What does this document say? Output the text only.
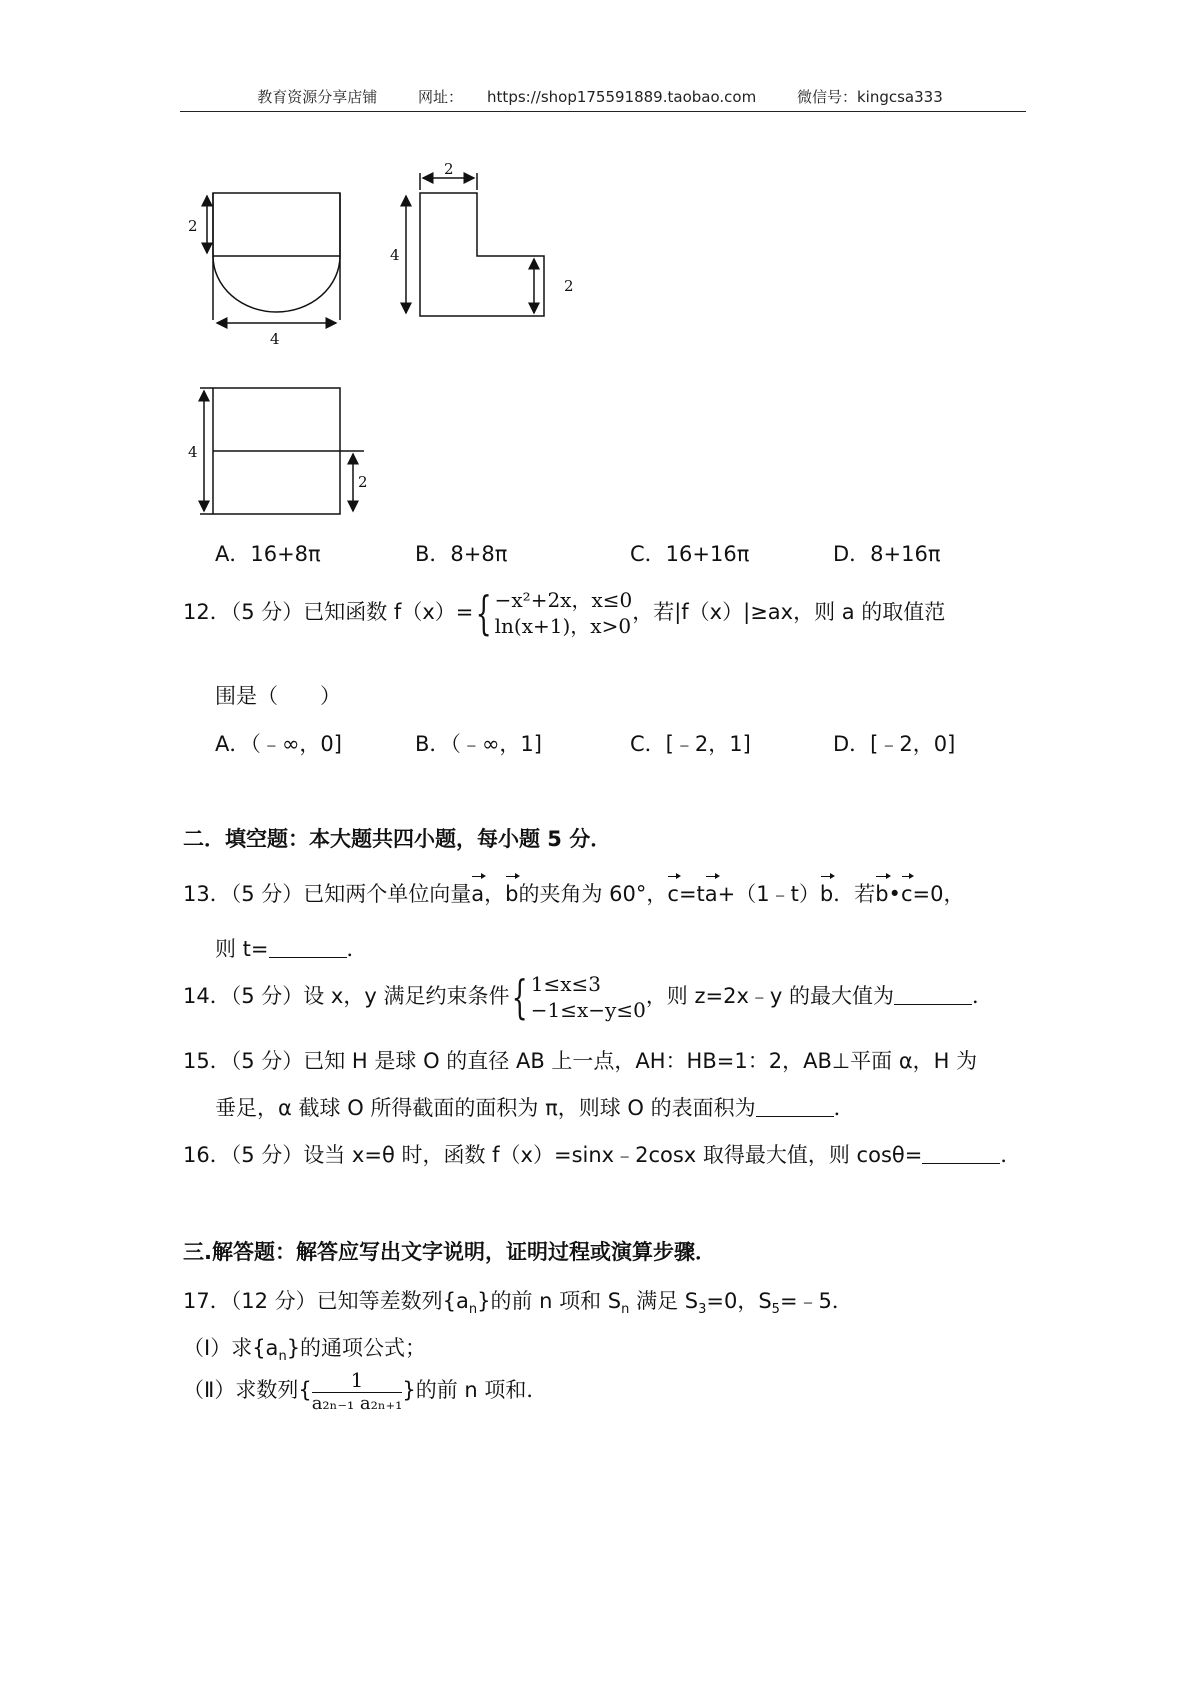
教育资源分享店铺	网址： https://shop175591889.taobao.com	微信号：kingcsa333
2
4
2
4
2
4
2
A．16+8π	B．8+8π	C．16+16π	D．8+16π
12．（5 分）已知函数 f（x）={ −x²+2x，x≤0
ln(x+1)，x>0
，若|f（x）|≥ax，则 a 的取值范
围是（　　）
A．（﹣∞，0]	B．（﹣∞，1]	C．[﹣2，1]	D．[﹣2，0]
二．填空题：本大题共四小题，每小题 5 分．
13．（5 分）已知两个单位向量a，b的夹角为 60°，c=ta+（1﹣t）b．若b•c=0，
则 t=	．
14．（5 分）设 x，y 满足约束条件{ 1≤x≤3
−1≤x−y≤0
，则 z=2x﹣y 的最大值为	．
15．（5 分）已知 H 是球 O 的直径 AB 上一点，AH：HB=1：2，AB⊥平面 α，H 为
垂足，α 截球 O 所得截面的面积为 π，则球 O 的表面积为	．
16．（5 分）设当 x=θ 时，函数 f（x）=sinx﹣2cosx 取得最大值，则 cosθ=	．
三.解答题：解答应写出文字说明，证明过程或演算步骤．
17．（12 分）已知等差数列$\{a_n\}$的前 n 项和 $S_n$ 满足 $S_3=0$，$S_5=﹣5$．
（Ⅰ）求$\{a_n\}$的通项公式；
（Ⅱ）求数列{ $\frac{1}{\text{a₂ₙ₋₁ a₂ₙ₊₁}}$ }的前 n 项和．
